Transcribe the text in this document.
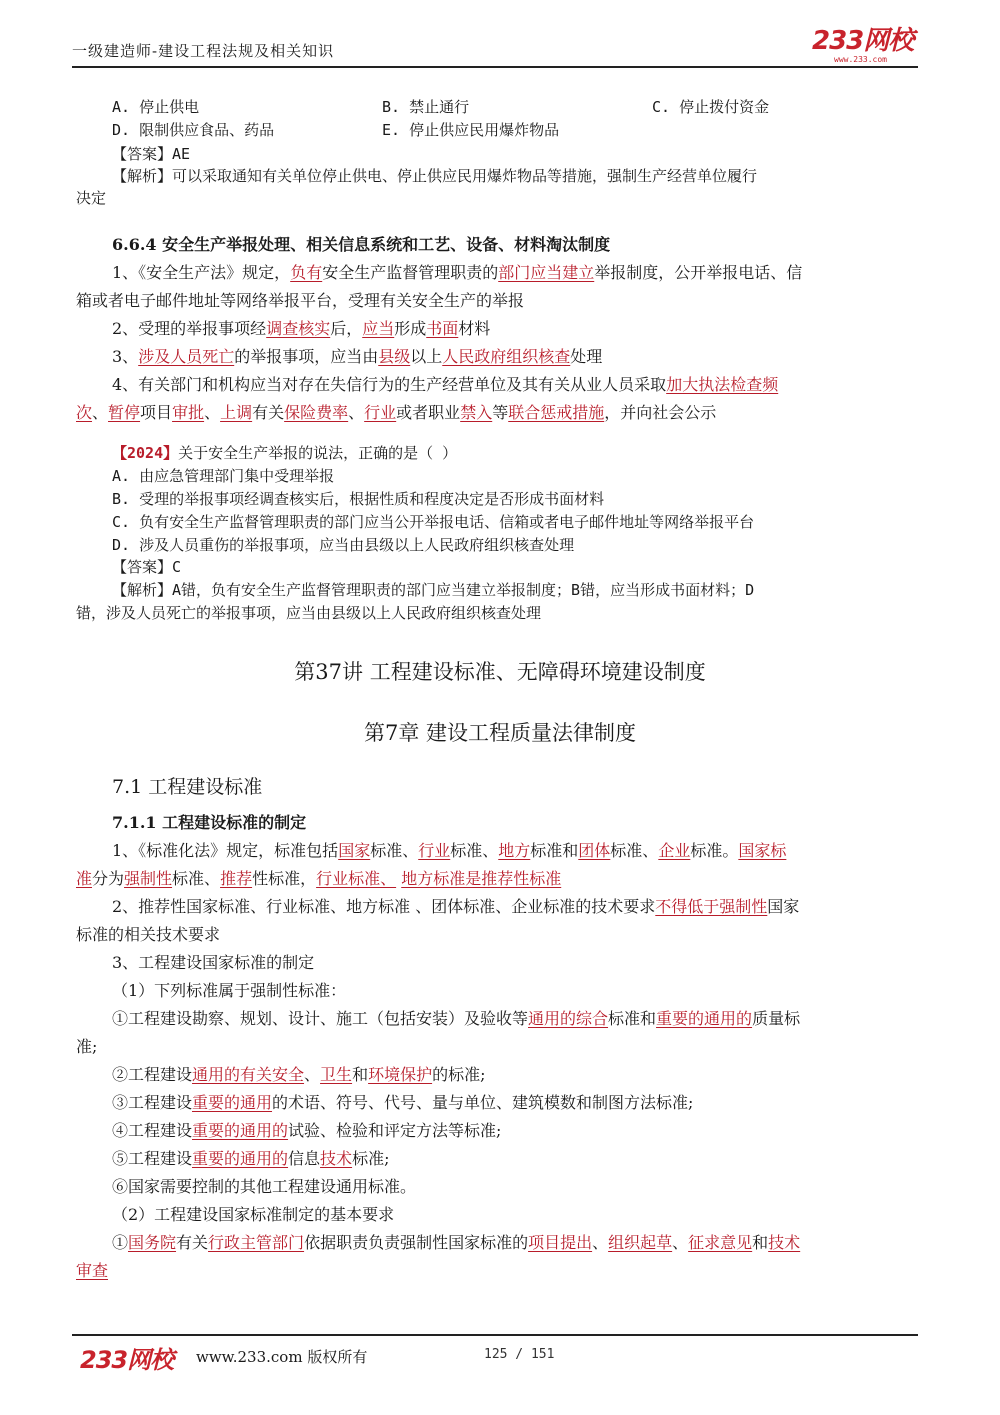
一级建造师-建设工程法规及相关知识	233网校
www.233.com
A. 停止供电	B. 禁止通行	C. 停止拨付资金
D. 限制供应食品、药品	E. 停止供应民用爆炸物品
【答案】AE
【解析】可以采取通知有关单位停止供电、停止供应民用爆炸物品等措施，强制生产经营单位履行
决定
6.6.4 安全生产举报处理、相关信息系统和工艺、设备、材料淘汰制度
1、《安全生产法》规定，负有安全生产监督管理职责的部门应当建立举报制度，公开举报电话、信
箱或者电子邮件地址等网络举报平台，受理有关安全生产的举报
2、受理的举报事项经调查核实后，应当形成书面材料
3、涉及人员死亡的举报事项，应当由县级以上人民政府组织核查处理
4、有关部门和机构应当对存在失信行为的生产经营单位及其有关从业人员采取加大执法检查频
次、暂停项目审批、上调有关保险费率、行业或者职业禁入等联合惩戒措施，并向社会公示
【2024】关于安全生产举报的说法，正确的是（ ）
A. 由应急管理部门集中受理举报
B. 受理的举报事项经调查核实后，根据性质和程度决定是否形成书面材料
C. 负有安全生产监督管理职责的部门应当公开举报电话、信箱或者电子邮件地址等网络举报平台
D. 涉及人员重伤的举报事项，应当由县级以上人民政府组织核查处理
【答案】C
【解析】A错，负有安全生产监督管理职责的部门应当建立举报制度；B错，应当形成书面材料；D
错，涉及人员死亡的举报事项，应当由县级以上人民政府组织核查处理
第37讲 工程建设标准、无障碍环境建设制度
第7章 建设工程质量法律制度
7.1 工程建设标准
7.1.1 工程建设标准的制定
1、《标准化法》规定，标准包括国家标准、行业标准、地方标准和团体标准、企业标准。国家标
准分为强制性标准、推荐性标准，行业标准、 地方标准是推荐性标准
2、推荐性国家标准、行业标准、地方标准 、团体标准、企业标准的技术要求不得低于强制性国家
标准的相关技术要求
3、工程建设国家标准的制定
（1）下列标准属于强制性标准：
①工程建设勘察、规划、设计、施工（包括安装）及验收等通用的综合标准和重要的通用的质量标
准;
②工程建设通用的有关安全、卫生和环境保护的标准;
③工程建设重要的通用的术语、符号、代号、量与单位、建筑模数和制图方法标准;
④工程建设重要的通用的试验、检验和评定方法等标准;
⑤工程建设重要的通用的信息技术标准;
⑥国家需要控制的其他工程建设通用标准。
（2）工程建设国家标准制定的基本要求
①国务院有关行政主管部门依据职责负责强制性国家标准的项目提出、组织起草、征求意见和技术
审查
233网校 www.233.com 版权所有	125 / 151
